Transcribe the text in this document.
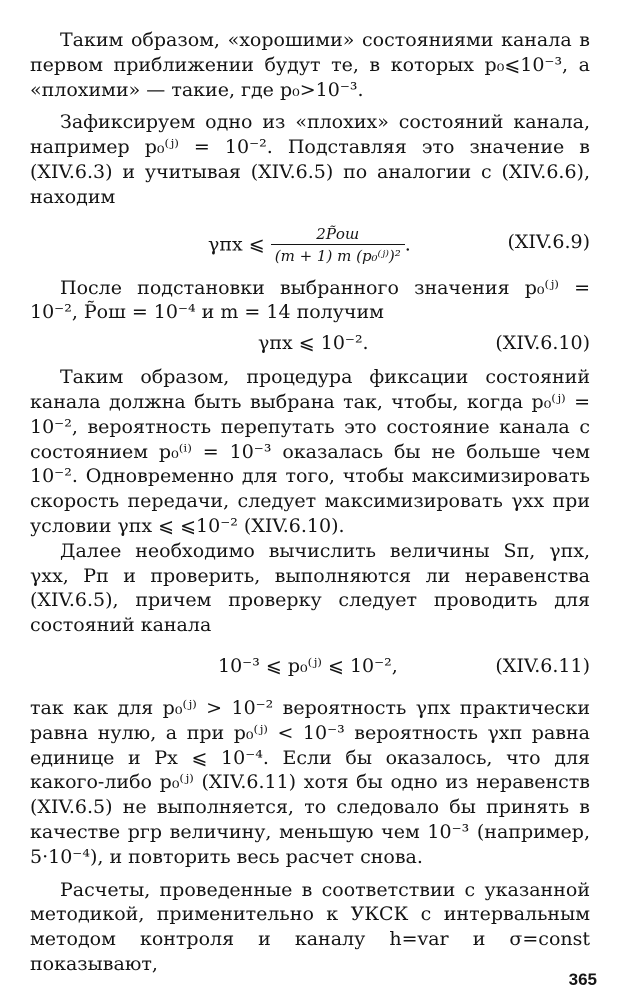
Таким образом, «хорошими» состояниями канала в первом приближении будут те, в которых p₀⩽10⁻³, а «плохими» — такие, где p₀>10⁻³.

Зафиксируем одно из «плохих» состояний канала, например p₀⁽ʲ⁾ = 10⁻². Подставляя это значение в (XIV.6.3) и учитывая (XIV.6.5) по аналогии с (XIV.6.6), находим

γпх ⩽ $\frac{2P̃ош}{\text{(m + 1) m (p₀⁽ʲ⁾)²}}$ .	(XIV.6.9)

После подстановки выбранного значения p₀⁽ʲ⁾ = 10⁻², P̃ош = 10⁻⁴ и m = 14 получим

γпх ⩽ 10⁻².	(XIV.6.10)

Таким образом, процедура фиксации состояний канала должна быть выбрана так, чтобы, когда p₀⁽ʲ⁾ = 10⁻², вероятность перепутать это состояние канала с состоянием p₀⁽ⁱ⁾ = 10⁻³ оказалась бы не больше чем 10⁻². Одновременно для того, чтобы максимизировать скорость передачи, следует максимизировать γxx при условии γпх ⩽ ⩽10⁻² (XIV.6.10).

Далее необходимо вычислить величины Sп, γпх, γxx, Pп и проверить, выполняются ли неравенства (XIV.6.5), причем проверку следует проводить для состояний канала

10⁻³ ⩽ p₀⁽ʲ⁾ ⩽ 10⁻²,	(XIV.6.11)

так как для p₀⁽ʲ⁾ > 10⁻² вероятность γпх практически равна нулю, а при p₀⁽ʲ⁾ < 10⁻³ вероятность γхп равна единице и Pх ⩽ 10⁻⁴. Если бы оказалось, что для какого-либо p₀⁽ʲ⁾ (XIV.6.11) хотя бы одно из неравенств (XIV.6.5) не выполняется, то следовало бы принять в качестве pгр величину, меньшую чем 10⁻³ (например, 5·10⁻⁴), и повторить весь расчет снова.

Расчеты, проведенные в соответствии с указанной методикой, применительно к УКСК с интервальным методом контроля и каналу h=var и σ=const показывают,

365
